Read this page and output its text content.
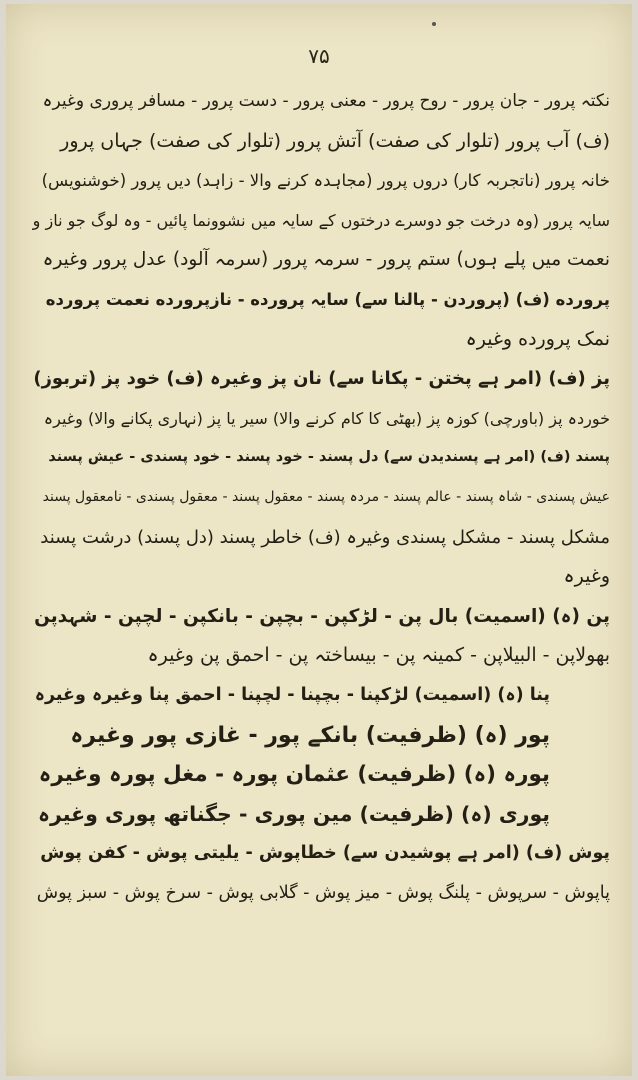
۷۵
نکتہ پرور - جان پرور - روح پرور - معنی پرور - دست پرور - مسافر پروری وغیرہ
(ف) آب پرور (تلوار کی صفت) آتش پرور (تلوار کی صفت) جہاں پرور
خانہ پرور (ناتجربہ کار) دروں پرور (مجاہدہ کرنے والا - زاہد) دیں پرور (خوشنویس)
سایہ پرور (وہ درخت جو دوسرے درختوں کے سایہ میں نشوونما پائیں - وہ لوگ جو ناز و
نعمت میں پلے ہوں) ستم پرور - سرمہ پرور (سرمہ آلود) عدل پرور وغیرہ
پرورده (ف) (پروردن - پالنا سے) سایہ پرورده - نازپرورده نعمت پرورده
نمک پرورده وغیرہ
پز (ف) (امر ہے پختن - پکانا سے) نان پز وغیرہ (ف) خود پز (تربوز)
خوردہ پز (باورچی) کوزہ پز (بھٹی کا کام کرنے والا) سیر یا پز (نہاری پکانے والا) وغیرہ
پسند (ف) (امر ہے پسندیدن سے) دل پسند - خود پسند - خود پسندی - عیش پسند
عیش پسندی - شاہ پسند - عالم پسند - مردہ پسند - معقول پسند - معقول پسندی - نامعقول پسند
مشکل پسند - مشکل پسندی وغیرہ (ف) خاطر پسند (دل پسند) درشت پسند
وغیرہ
پن (ہ) (اسمیت) بال پن - لڑکپن - بچپن - بانکپن - لچپن - شہدپن
بھولاپن - البیلاپن - کمینہ پن - بیساختہ پن - احمق پن وغیرہ
پنا (ہ) (اسمیت) لڑکپنا - بچپنا - لچپنا - احمق پنا وغیرہ وغیرہ
پور (ہ) (ظرفیت) بانکے پور - غازی پور وغیرہ
پورہ (ہ) (ظرفیت) عثمان پورہ - مغل پورہ وغیرہ
پوری (ہ) (ظرفیت) مین پوری - جگناتھ پوری وغیرہ
پوش (ف) (امر ہے پوشیدن سے) خطاپوش - یلیتی پوش - کفن پوش
پاپوش - سرپوش - پلنگ پوش - میز پوش - گلابی پوش - سرخ پوش - سبز پوش
